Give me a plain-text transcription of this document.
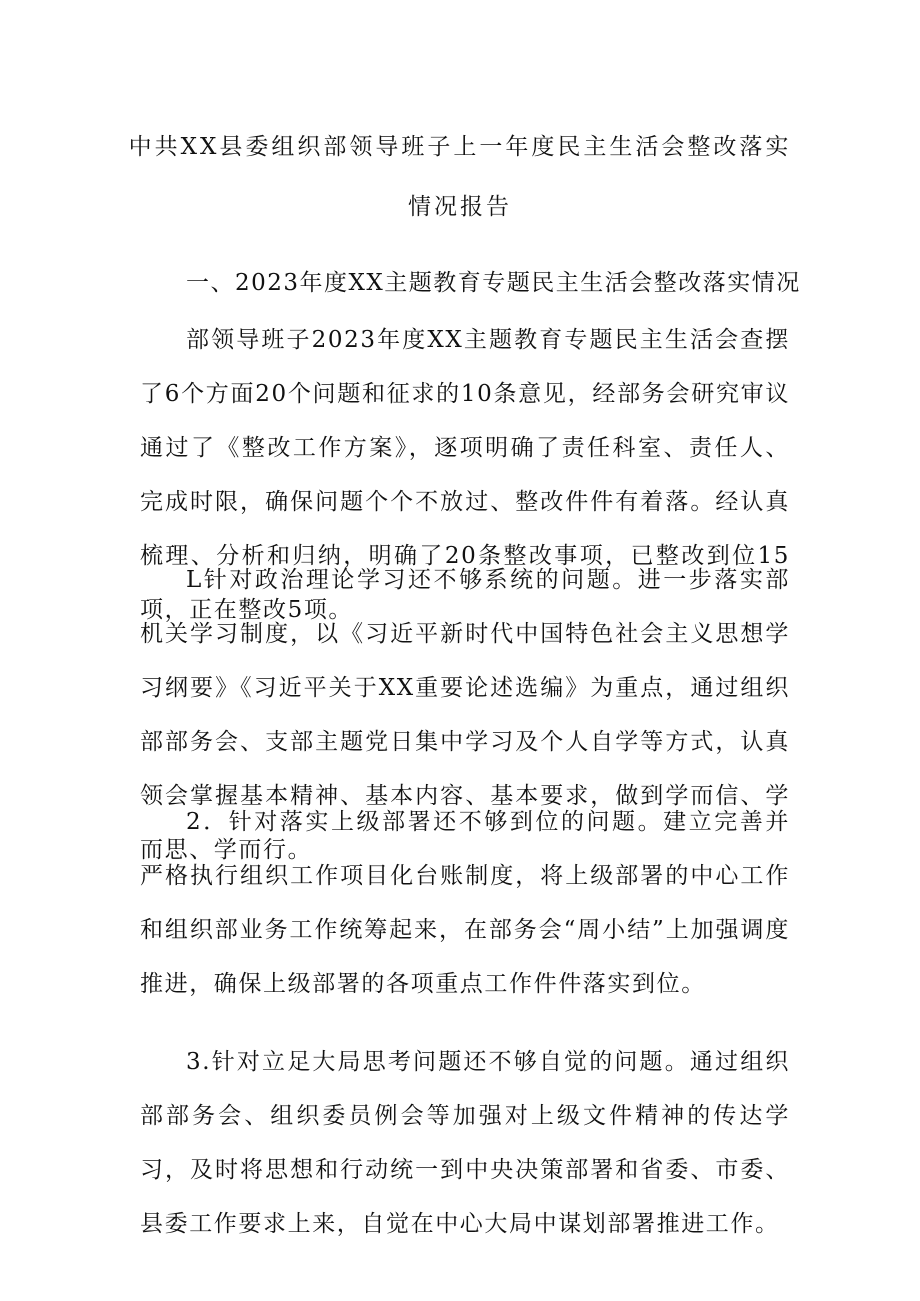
中共XX县委组织部领导班子上一年度民主生活会整改落实
情况报告
一、2023年度XX主题教育专题民主生活会整改落实情况

部领导班子2023年度XX主题教育专题民主生活会查摆了6个方面20个问题和征求的10条意见，经部务会研究审议通过了《整改工作方案》，逐项明确了责任科室、责任人、完成时限，确保问题个个不放过、整改件件有着落。经认真梳理、分析和归纳，明确了20条整改事项，已整改到位15项，正在整改5项。

L针对政治理论学习还不够系统的问题。进一步落实部机关学习制度，以《习近平新时代中国特色社会主义思想学习纲要》《习近平关于XX重要论述选编》为重点，通过组织部部务会、支部主题党日集中学习及个人自学等方式，认真领会掌握基本精神、基本内容、基本要求，做到学而信、学而思、学而行。

2．针对落实上级部署还不够到位的问题。建立完善并严格执行组织工作项目化台账制度，将上级部署的中心工作和组织部业务工作统筹起来，在部务会“周小结”上加强调度推进，确保上级部署的各项重点工作件件落实到位。

3.针对立足大局思考问题还不够自觉的问题。通过组织部部务会、组织委员例会等加强对上级文件精神的传达学习，及时将思想和行动统一到中央决策部署和省委、市委、县委工作要求上来，自觉在中心大局中谋划部署推进工作。
